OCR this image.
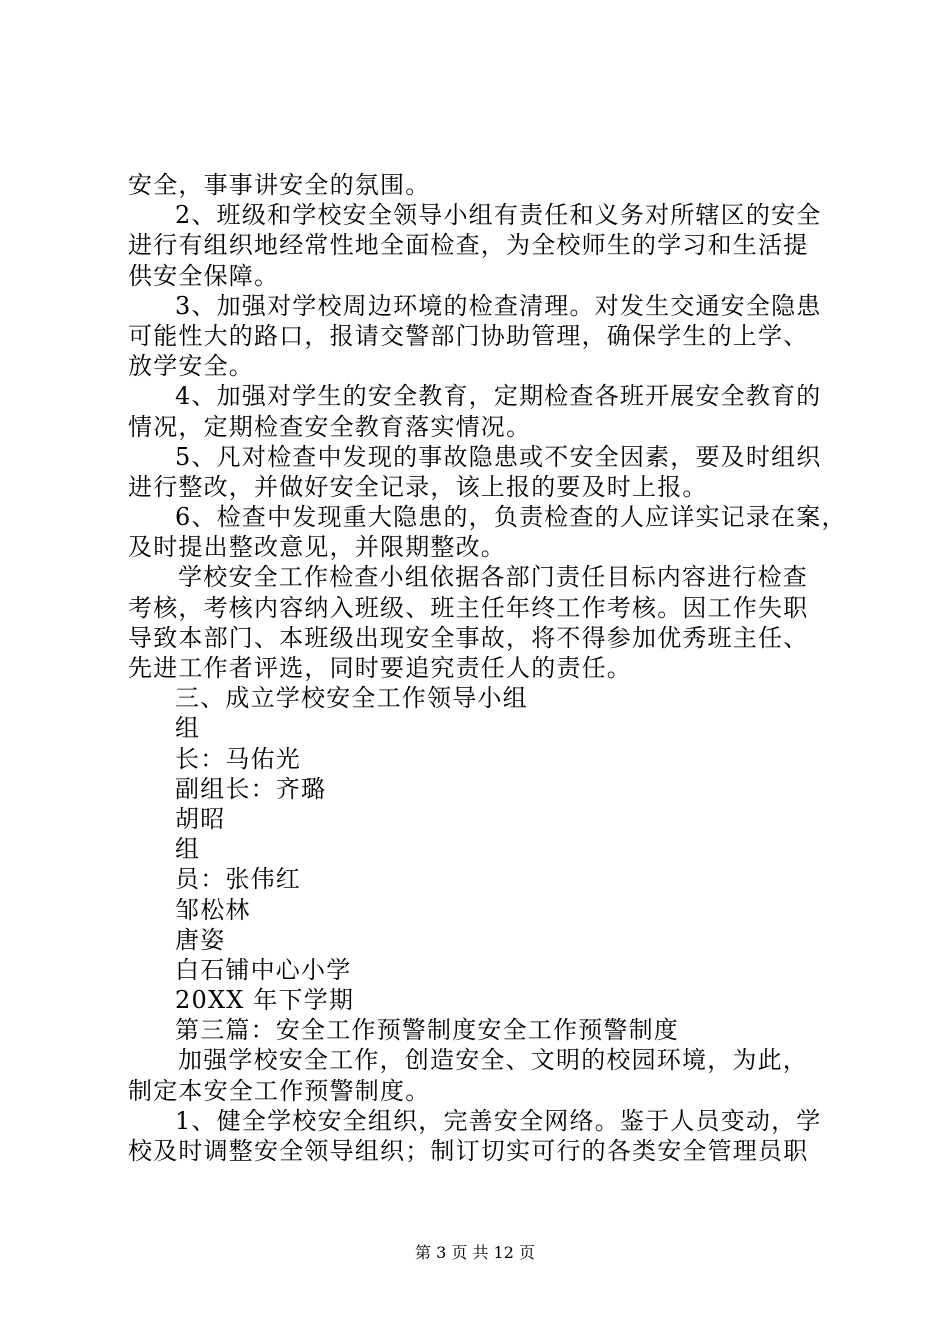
安全，事事讲安全的氛围。
2、班级和学校安全领导小组有责任和义务对所辖区的安全
进行有组织地经常性地全面检查，为全校师生的学习和生活提
供安全保障。
3、加强对学校周边环境的检查清理。对发生交通安全隐患
可能性大的路口，报请交警部门协助管理，确保学生的上学、
放学安全。
4、加强对学生的安全教育，定期检查各班开展安全教育的
情况，定期检查安全教育落实情况。
5、凡对检查中发现的事故隐患或不安全因素，要及时组织
进行整改，并做好安全记录，该上报的要及时上报。
6、检查中发现重大隐患的，负责检查的人应详实记录在案，
及时提出整改意见，并限期整改。
学校安全工作检查小组依据各部门责任目标内容进行检查
考核，考核内容纳入班级、班主任年终工作考核。因工作失职
导致本部门、本班级出现安全事故，将不得参加优秀班主任、
先进工作者评选，同时要追究责任人的责任。
三、成立学校安全工作领导小组
组
长：马佑光
副组长：齐璐
胡昭
组
员：张伟红
邹松林
唐姿
白石铺中心小学
20XX 年下学期
第三篇：安全工作预警制度安全工作预警制度
加强学校安全工作，创造安全、文明的校园环境，为此，
制定本安全工作预警制度。
1、健全学校安全组织，完善安全网络。鉴于人员变动，学
校及时调整安全领导组织；制订切实可行的各类安全管理员职
第 3 页 共 12 页
